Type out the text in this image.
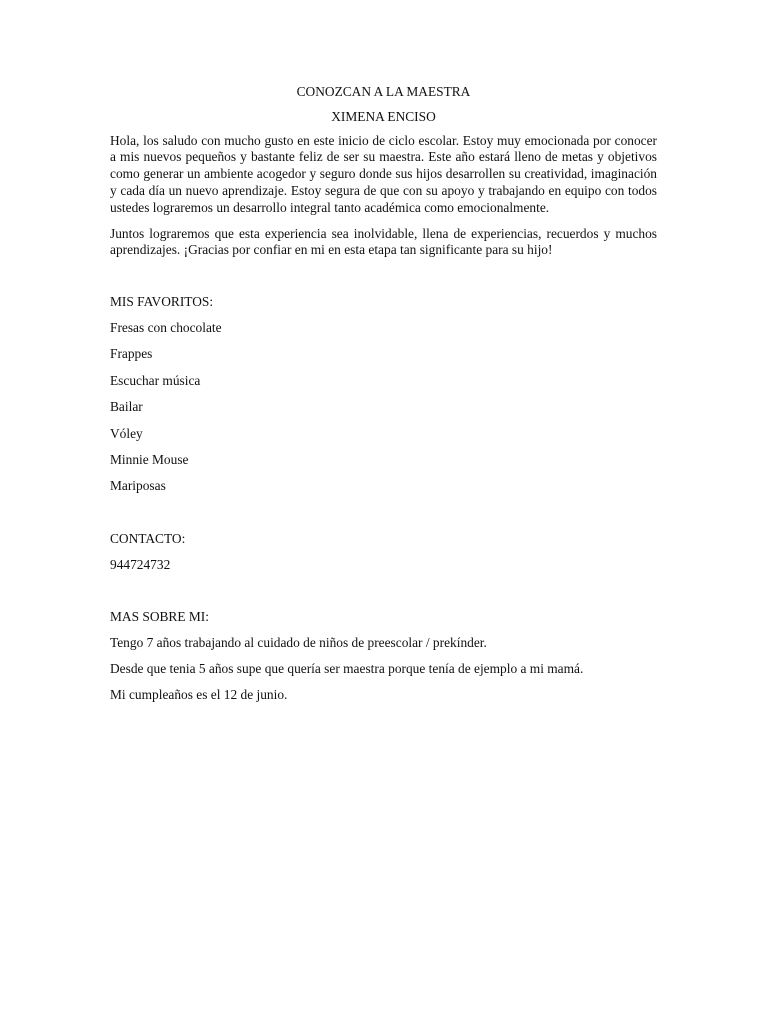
CONOZCAN A LA MAESTRA
XIMENA ENCISO
Hola, los saludo con mucho gusto en este inicio de ciclo escolar. Estoy muy emocionada por conocer a mis nuevos pequeños y bastante feliz de ser su maestra. Este año estará lleno de metas y objetivos como generar un ambiente acogedor y seguro donde sus hijos desarrollen su creatividad, imaginación y cada día un nuevo aprendizaje. Estoy segura de que con su apoyo y trabajando en equipo con todos ustedes lograremos un desarrollo integral tanto académica como emocionalmente.
Juntos lograremos que esta experiencia sea inolvidable, llena de experiencias, recuerdos y muchos aprendizajes. ¡Gracias por confiar en mi en esta etapa tan significante para su hijo!
MIS FAVORITOS:
Fresas con chocolate
Frappes
Escuchar música
Bailar
Vóley
Minnie Mouse
Mariposas
CONTACTO:
944724732
MAS SOBRE MI:
Tengo 7 años trabajando al cuidado de niños de preescolar / prekínder.
Desde que tenia 5 años supe que quería ser maestra porque tenía de ejemplo a mi mamá.
Mi cumpleaños es el 12 de junio.
